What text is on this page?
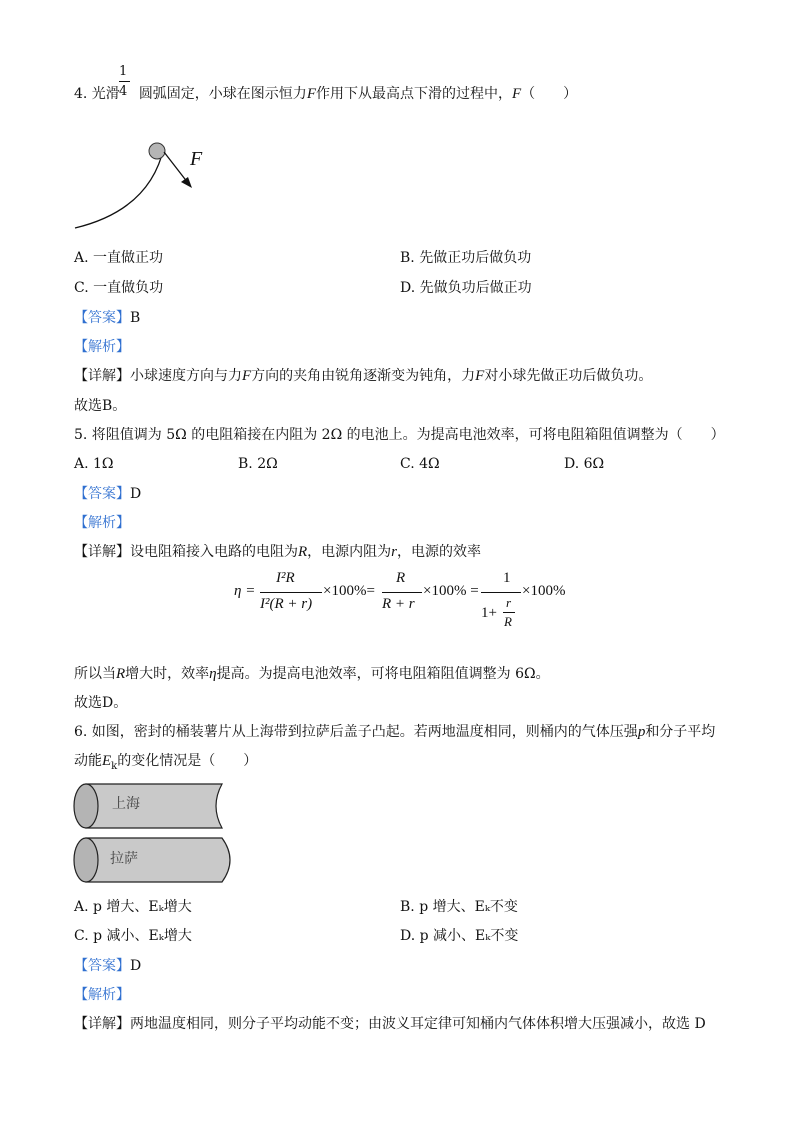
1
4
4. 光滑 圆弧固定，小球在图示恒力F作用下从最高点下滑的过程中，F（　　）
F
A. 一直做正功	B. 先做正功后做负功
C. 一直做负功	D. 先做负功后做正功
【答案】B
【解析】
【详解】小球速度方向与力F方向的夹角由锐角逐渐变为钝角，力F对小球先做正功后做负功。
故选B。
5. 将阻值调为 5Ω 的电阻箱接在内阻为 2Ω 的电池上。为提高电池效率，可将电阻箱阻值调整为（　　）
A. 1Ω	B. 2Ω	C. 4Ω	D. 6Ω
【答案】D
【解析】
【详解】设电阻箱接入电路的电阻为R，电源内阻为r，电源的效率
η =
I²R
I²(R + r)
×100%=
R
R + r
×100% =
1
1+
r
R
×100%
所以当R增大时，效率η提高。为提高电池效率，可将电阻箱阻值调整为 6Ω。
故选D。
6. 如图，密封的桶装薯片从上海带到拉萨后盖子凸起。若两地温度相同，则桶内的气体压强p和分子平均
动能$E_k$的变化情况是（　　）
上海
拉萨
A. p 增大、Eₖ增大	B. p 增大、Eₖ不变
C. p 减小、Eₖ增大	D. p 减小、Eₖ不变
【答案】D
【解析】
【详解】两地温度相同，则分子平均动能不变；由波义耳定律可知桶内气体体积增大压强减小，故选 D
